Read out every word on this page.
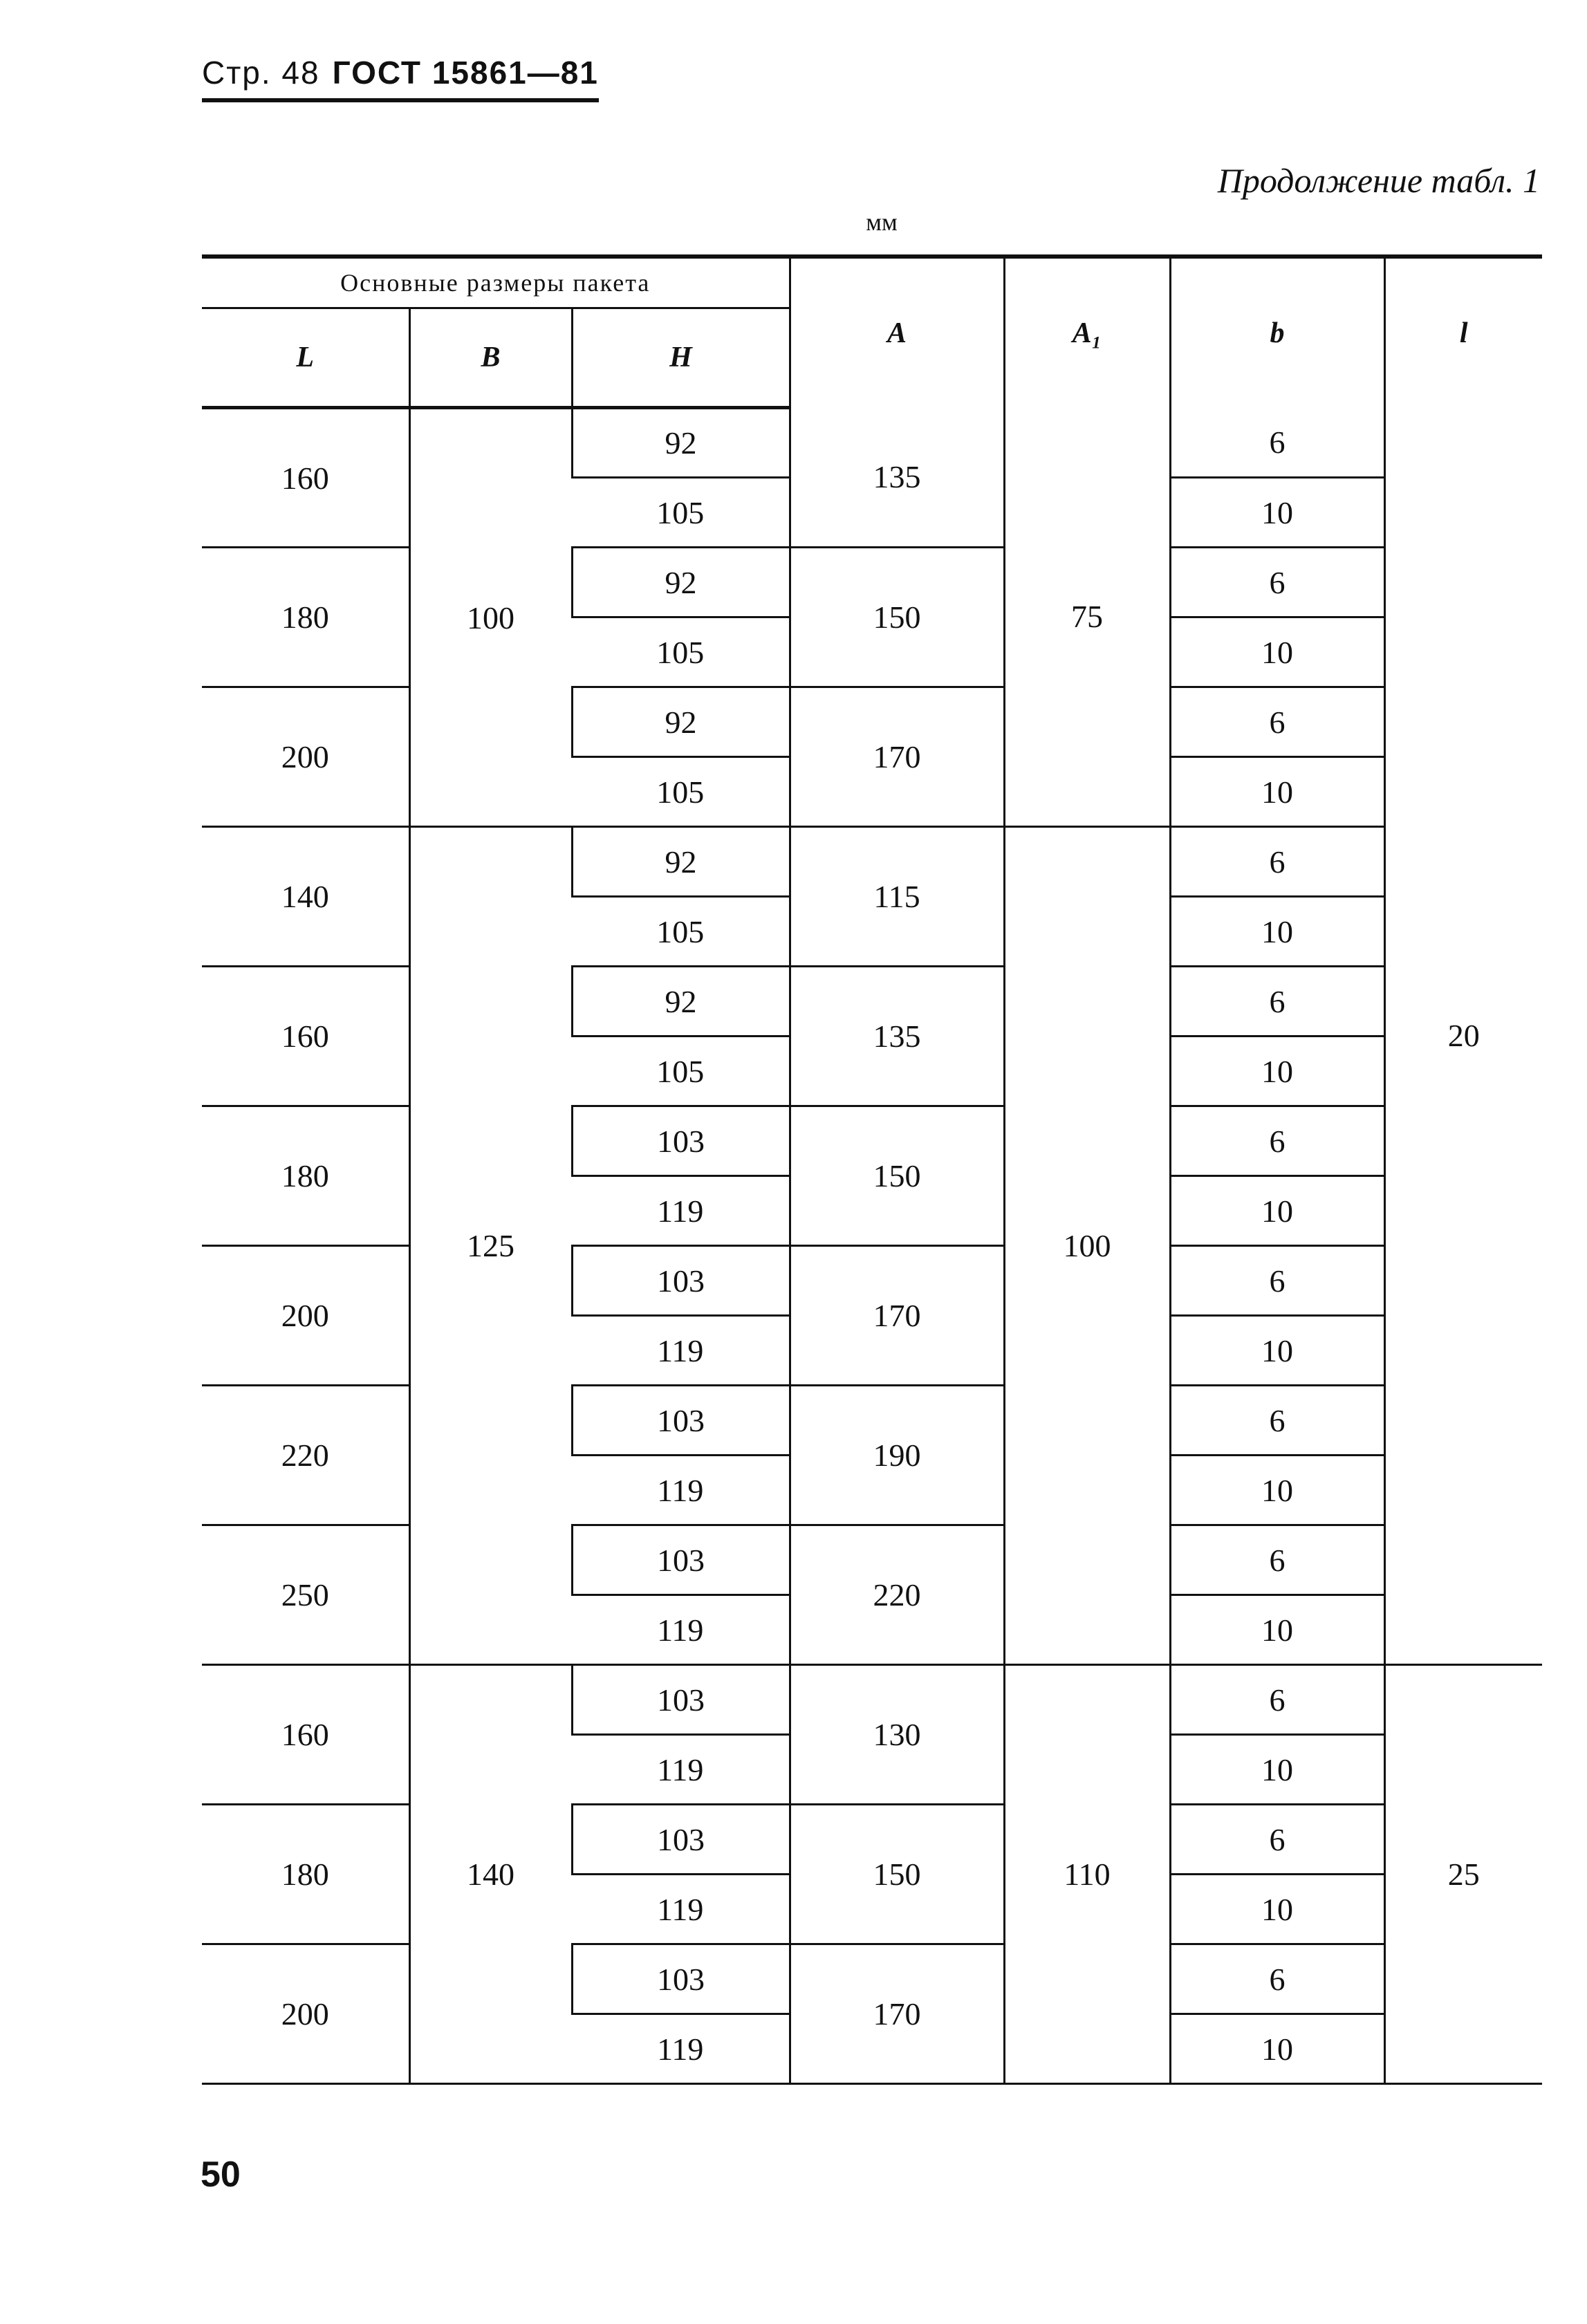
Стр. 48 ГОСТ 15861—81
Продолжение табл. 1
мм
Основные размеры пакета			A	A₁	b	l
L	B	H				
160	100	92	135	75	6	20
		105			10	
180		92	150		6	
		105			10	
200		92	170		6	
		105			10	
140	125	92	115	100	6	
		105			10	
160		92	135		6	
		105			10	
180		103	150		6	
		119			10	
200		103	170		6	
		119			10	
220		103	190		6	
		119			10	
250		103	220		6	
		119			10	
160	140	103	130	110	6	25
		119			10	
180		103	150		6	
		119			10	
200		103	170		6	
		119			10	
50
